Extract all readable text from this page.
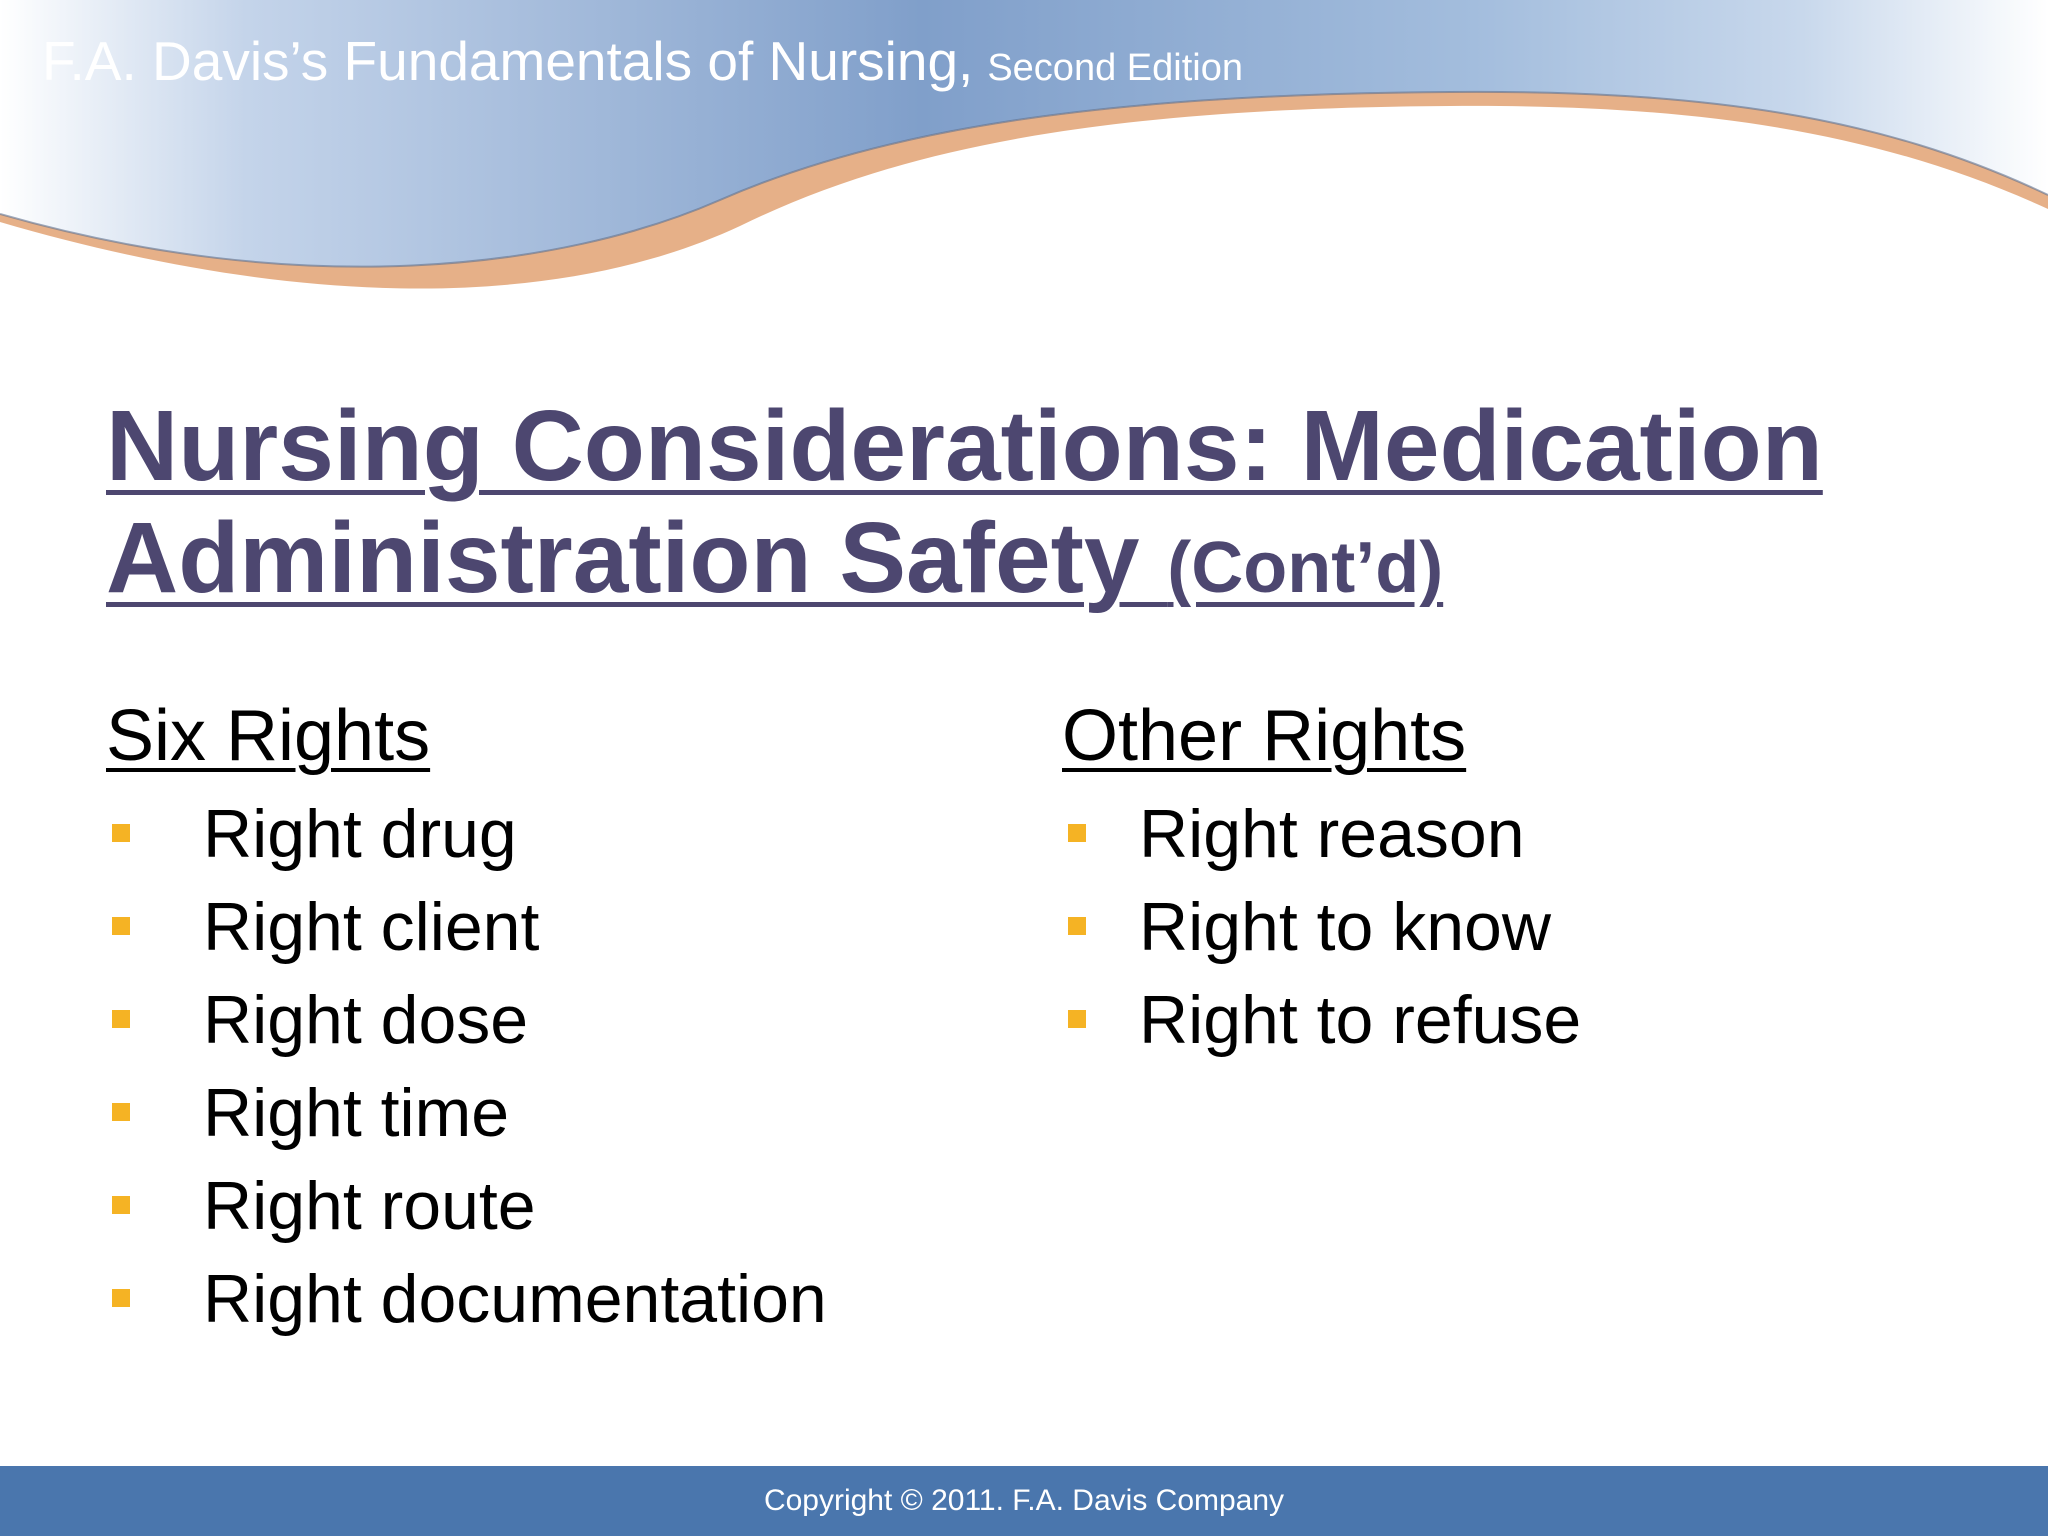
F.A. Davis’s Fundamentals of Nursing, Second Edition
Nursing Considerations: Medication Administration Safety (Cont’d)
Six Rights
Right drug
Right client
Right dose
Right time
Right route
Right documentation
Other Rights
Right reason
Right to know
Right to refuse
Copyright © 2011. F.A. Davis Company
